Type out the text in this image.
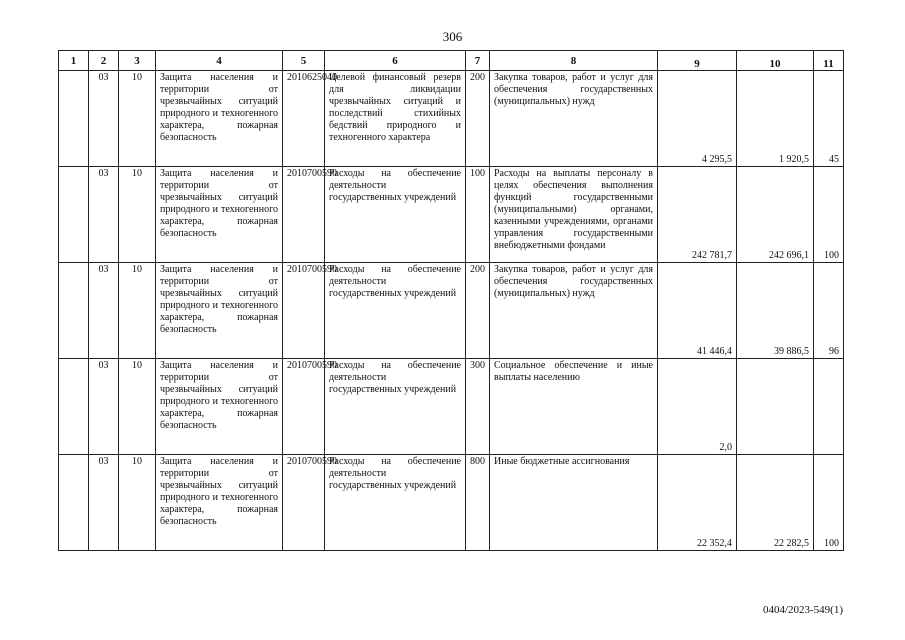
306
1	2	3	4	5	6	7	8	9	10	11
	03	10	Защита населения и территории от чрезвычайных ситуаций природного и техногенного характера, пожарная безопасность	2010625040	Целевой финансовый резерв для ликвидации чрезвычайных ситуаций и последствий стихийных бедствий природного и техногенного характера	200	Закупка товаров, работ и услуг для обеспечения государственных (муниципальных) нужд	4 295,5	1 920,5	45
	03	10	Защита населения и территории от чрезвычайных ситуаций природного и техногенного характера, пожарная безопасность	2010700590	Расходы на обеспечение деятельности государственных учреждений	100	Расходы на выплаты персоналу в целях обеспечения выполнения функций государственными (муниципальными) органами, казенными учреждениями, органами управления государственными внебюджетными фондами	242 781,7	242 696,1	100
	03	10	Защита населения и территории от чрезвычайных ситуаций природного и техногенного характера, пожарная безопасность	2010700590	Расходы на обеспечение деятельности государственных учреждений	200	Закупка товаров, работ и услуг для обеспечения государственных (муниципальных) нужд	41 446,4	39 886,5	96
	03	10	Защита населения и территории от чрезвычайных ситуаций природного и техногенного характера, пожарная безопасность	2010700590	Расходы на обеспечение деятельности государственных учреждений	300	Социальное обеспечение и иные выплаты населению	2,0		
	03	10	Защита населения и территории от чрезвычайных ситуаций природного и техногенного характера, пожарная безопасность	2010700590	Расходы на обеспечение деятельности государственных учреждений	800	Иные бюджетные ассигнования	22 352,4	22 282,5	100
0404/2023-549(1)
